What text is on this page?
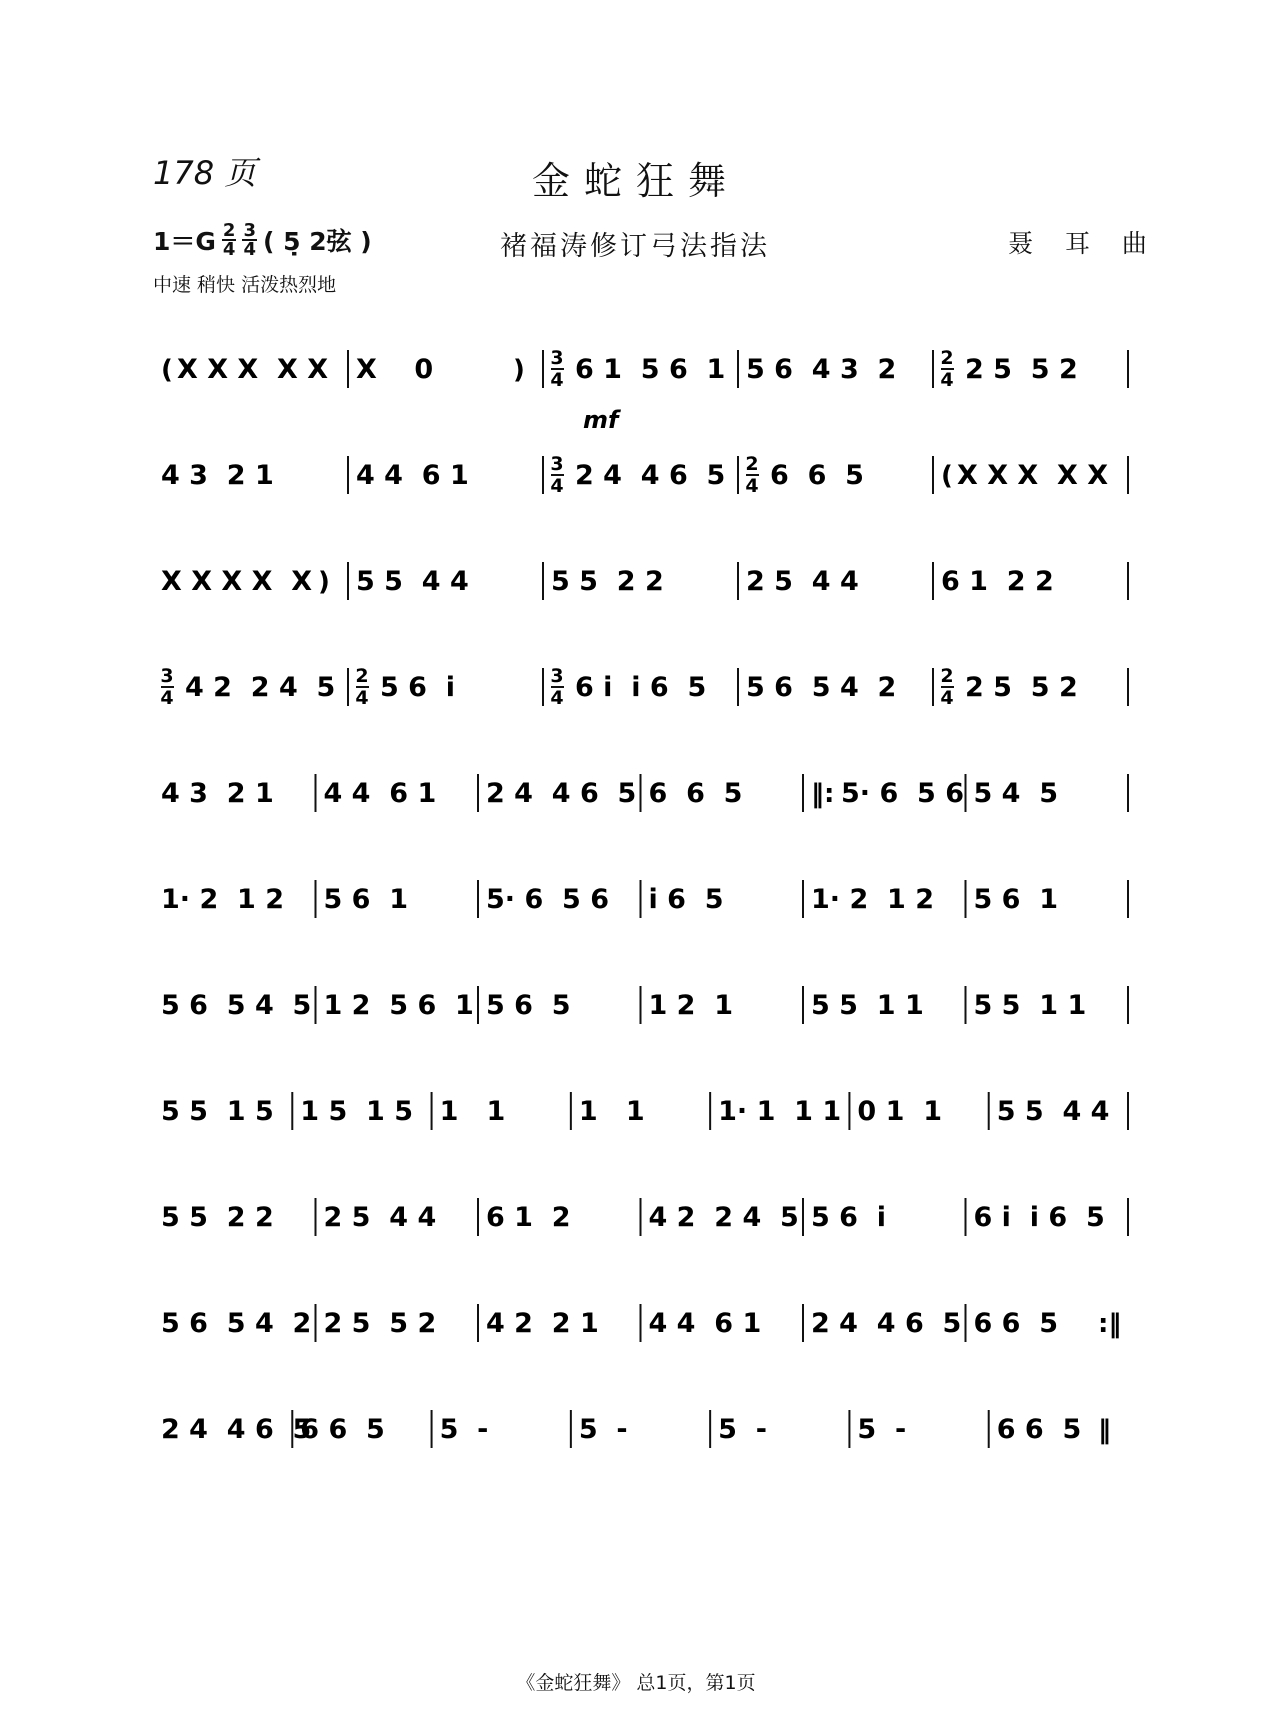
178 页	金蛇狂舞
$1=G \frac{2}{4} \frac{3}{4}$ ( 5̣ 2弦 )	褚福涛修订弓法指法	聂 耳 曲
中速 稍快 活泼热烈地
( X X X  X X X    0	) 3
4 6 1  5 6  1 5 6  4 3  2 2
4 2 5  5 2
4 3  2 1	4 4  6 1	3
4 2 4  4 6  5 2
4 6  6  5	( X X X  X X
X X X X  X ) 5 5  4 4	5 5  2 2	2 5  4 4	6 1  2 2
3
4 4 2  2 4  5 2
4 5 6  i	3
4 6 i  i 6  5 5 6  5 4  2 2
4 2 5  5 2
4 3  2 1 4 4  6 1 2 4  4 6  5 6  6  5	‖: 5· 6  5 6 5 4  5
1· 2  1 2 5 6  1	5· 6  5 6 i 6  5	1· 2  1 2 5 6  1
5 6  5 4  5 1 2  5 6  1 5 6  5	1 2  1	5 5  1 1 5 5  1 1
5 5  1 5 1 5  1 5 1   1	1   1	1· 1  1 1 0 1  1 5 5  4 4
5 5  2 2 2 5  4 4 6 1  2	4 2  2 4  5 5 6  i	6 i  i 6  5
5 6  5 4  2 2 5  5 2 4 2  2 1 4 4  6 1 2 4  4 6  5 6 6  5 :‖
2 4  4 6  5
6 6  5 5  -	5  -	5  -	5  -	6 6  5 ‖
mf
《金蛇狂舞》 总1页，第1页
